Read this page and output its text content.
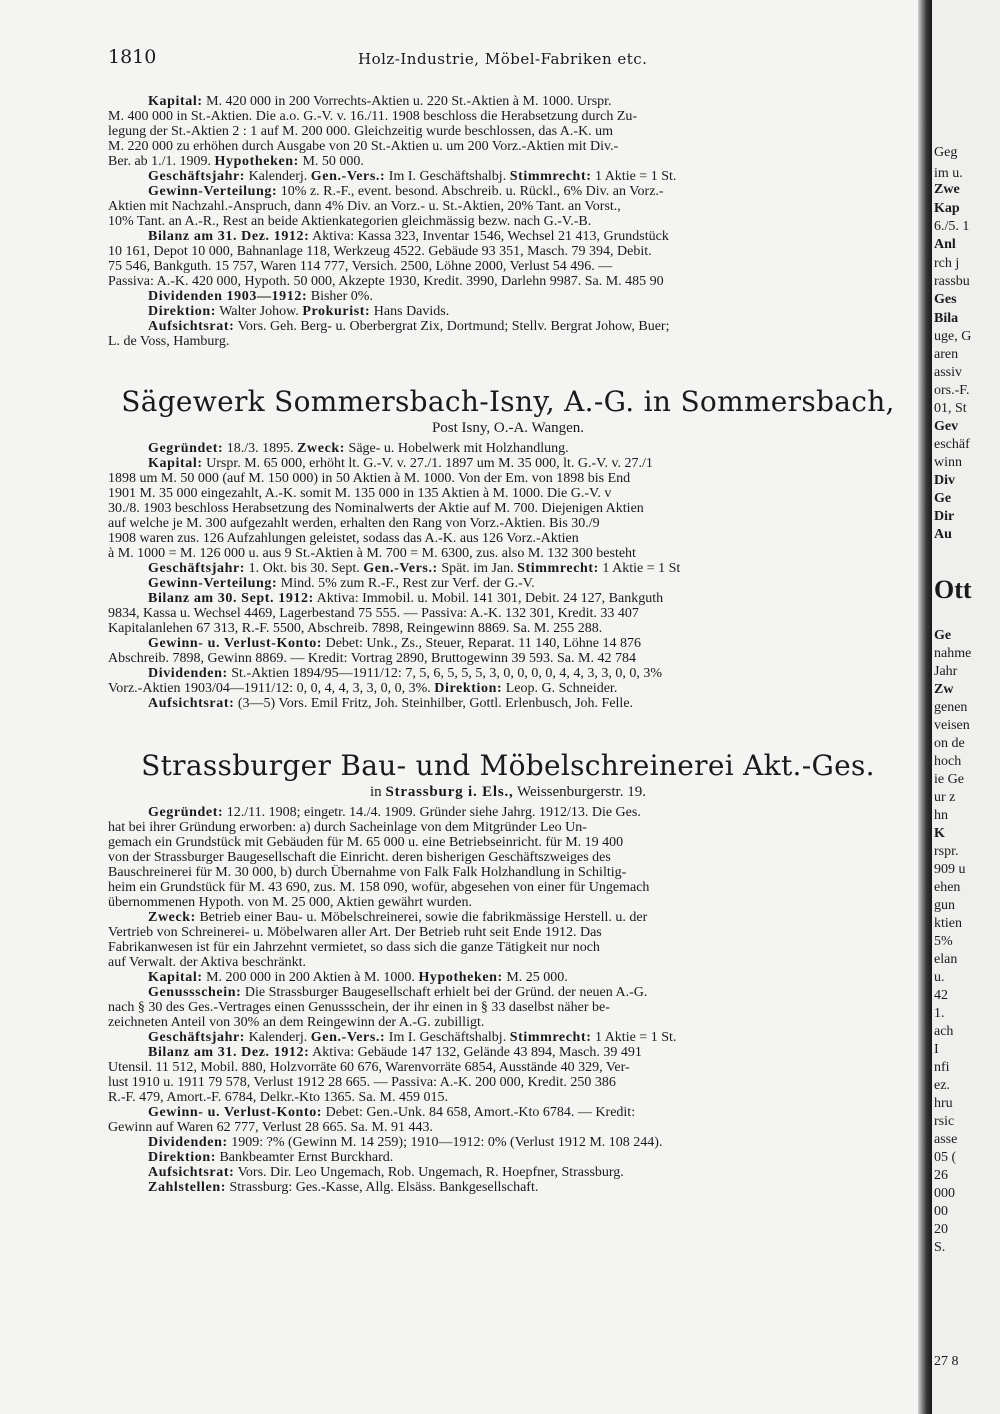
1810	Holz-Industrie, Möbel-Fabriken etc.
Kapital: M. 420 000 in 200 Vorrechts-Aktien u. 220 St.-Aktien à M. 1000. Urspr.
M. 400 000 in St.-Aktien. Die a.o. G.-V. v. 16./11. 1908 beschloss die Herabsetzung durch Zu-
legung der St.-Aktien 2 : 1 auf M. 200 000. Gleichzeitig wurde beschlossen, das A.-K. um
M. 220 000 zu erhöhen durch Ausgabe von 20 St.-Aktien u. um 200 Vorz.-Aktien mit Div.-
Ber. ab 1./1. 1909. Hypotheken: M. 50 000.
Geschäftsjahr: Kalenderj. Gen.-Vers.: Im I. Geschäftshalbj. Stimmrecht: 1 Aktie = 1 St.
Gewinn-Verteilung: 10% z. R.-F., event. besond. Abschreib. u. Rückl., 6% Div. an Vorz.-
Aktien mit Nachzahl.-Anspruch, dann 4% Div. an Vorz.- u. St.-Aktien, 20% Tant. an Vorst.,
10% Tant. an A.-R., Rest an beide Aktienkategorien gleichmässig bezw. nach G.-V.-B.
Bilanz am 31. Dez. 1912: Aktiva: Kassa 323, Inventar 1546, Wechsel 21 413, Grundstück
10 161, Depot 10 000, Bahnanlage 118, Werkzeug 4522. Gebäude 93 351, Masch. 79 394, Debit.
75 546, Bankguth. 15 757, Waren 114 777, Versich. 2500, Löhne 2000, Verlust 54 496. —
Passiva: A.-K. 420 000, Hypoth. 50 000, Akzepte 1930, Kredit. 3990, Darlehn 9987. Sa. M. 485 90
Dividenden 1903—1912: Bisher 0%.
Direktion: Walter Johow. Prokurist: Hans Davids.
Aufsichtsrat: Vors. Geh. Berg- u. Oberbergrat Zix, Dortmund; Stellv. Bergrat Johow, Buer;
L. de Voss, Hamburg.
Sägewerk Sommersbach-Isny, A.-G. in Sommersbach,
Post Isny, O.-A. Wangen.
Gegründet: 18./3. 1895. Zweck: Säge- u. Hobelwerk mit Holzhandlung.
Kapital: Urspr. M. 65 000, erhöht lt. G.-V. v. 27./1. 1897 um M. 35 000, lt. G.-V. v. 27./1
1898 um M. 50 000 (auf M. 150 000) in 50 Aktien à M. 1000. Von der Em. von 1898 bis End
1901 M. 35 000 eingezahlt, A.-K. somit M. 135 000 in 135 Aktien à M. 1000. Die G.-V. v
30./8. 1903 beschloss Herabsetzung des Nominalwerts der Aktie auf M. 700. Diejenigen Aktien
auf welche je M. 300 aufgezahlt werden, erhalten den Rang von Vorz.-Aktien. Bis 30./9
1908 waren zus. 126 Aufzahlungen geleistet, sodass das A.-K. aus 126 Vorz.-Aktien
à M. 1000 = M. 126 000 u. aus 9 St.-Aktien à M. 700 = M. 6300, zus. also M. 132 300 besteht
Geschäftsjahr: 1. Okt. bis 30. Sept. Gen.-Vers.: Spät. im Jan. Stimmrecht: 1 Aktie = 1 St
Gewinn-Verteilung: Mind. 5% zum R.-F., Rest zur Verf. der G.-V.
Bilanz am 30. Sept. 1912: Aktiva: Immobil. u. Mobil. 141 301, Debit. 24 127, Bankguth
9834, Kassa u. Wechsel 4469, Lagerbestand 75 555. — Passiva: A.-K. 132 301, Kredit. 33 407
Kapitalanlehen 67 313, R.-F. 5500, Abschreib. 7898, Reingewinn 8869. Sa. M. 255 288.
Gewinn- u. Verlust-Konto: Debet: Unk., Zs., Steuer, Reparat. 11 140, Löhne 14 876
Abschreib. 7898, Gewinn 8869. — Kredit: Vortrag 2890, Bruttogewinn 39 593. Sa. M. 42 784
Dividenden: St.-Aktien 1894/95—1911/12: 7, 5, 6, 5, 5, 5, 3, 0, 0, 0, 0, 4, 4, 3, 3, 0, 0, 3%
Vorz.-Aktien 1903/04—1911/12: 0, 0, 4, 4, 3, 3, 0, 0, 3%. Direktion: Leop. G. Schneider.
Aufsichtsrat: (3—5) Vors. Emil Fritz, Joh. Steinhilber, Gottl. Erlenbusch, Joh. Felle.
Strassburger Bau- und Möbelschreinerei Akt.-Ges.
in Strassburg i. Els., Weissenburgerstr. 19.
Gegründet: 12./11. 1908; eingetr. 14./4. 1909. Gründer siehe Jahrg. 1912/13. Die Ges.
hat bei ihrer Gründung erworben: a) durch Sacheinlage von dem Mitgründer Leo Un-
gemach ein Grundstück mit Gebäuden für M. 65 000 u. eine Betriebseinricht. für M. 19 400
von der Strassburger Baugesellschaft die Einricht. deren bisherigen Geschäftszweiges des
Bauschreinerei für M. 30 000, b) durch Übernahme von Falk Falk Holzhandlung in Schiltig-
heim ein Grundstück für M. 43 690, zus. M. 158 090, wofür, abgesehen von einer für Ungemach
übernommenen Hypoth. von M. 25 000, Aktien gewährt wurden.
Zweck: Betrieb einer Bau- u. Möbelschreinerei, sowie die fabrikmässige Herstell. u. der
Vertrieb von Schreinerei- u. Möbelwaren aller Art. Der Betrieb ruht seit Ende 1912. Das
Fabrikanwesen ist für ein Jahrzehnt vermietet, so dass sich die ganze Tätigkeit nur noch
auf Verwalt. der Aktiva beschränkt.
Kapital: M. 200 000 in 200 Aktien à M. 1000. Hypotheken: M. 25 000.
Genussschein: Die Strassburger Baugesellschaft erhielt bei der Gründ. der neuen A.-G.
nach § 30 des Ges.-Vertrages einen Genussschein, der ihr einen in § 33 daselbst näher be-
zeichneten Anteil von 30% an dem Reingewinn der A.-G. zubilligt.
Geschäftsjahr: Kalenderj. Gen.-Vers.: Im I. Geschäftshalbj. Stimmrecht: 1 Aktie = 1 St.
Bilanz am 31. Dez. 1912: Aktiva: Gebäude 147 132, Gelände 43 894, Masch. 39 491
Utensil. 11 512, Mobil. 880, Holzvorräte 60 676, Warenvorräte 6854, Ausstände 40 329, Ver-
lust 1910 u. 1911 79 578, Verlust 1912 28 665. — Passiva: A.-K. 200 000, Kredit. 250 386
R.-F. 479, Amort.-F. 6784, Delkr.-Kto 1365. Sa. M. 459 015.
Gewinn- u. Verlust-Konto: Debet: Gen.-Unk. 84 658, Amort.-Kto 6784. — Kredit:
Gewinn auf Waren 62 777, Verlust 28 665. Sa. M. 91 443.
Dividenden: 1909: ?% (Gewinn M. 14 259); 1910—1912: 0% (Verlust 1912 M. 108 244).
Direktion: Bankbeamter Ernst Burckhard.
Aufsichtsrat: Vors. Dir. Leo Ungemach, Rob. Ungemach, R. Hoepfner, Strassburg.
Zahlstellen: Strassburg: Ges.-Kasse, Allg. Elsäss. Bankgesellschaft.
Geg
im u.
Zwe
Kap
6./5. 1
Anl
rch j
rassbu
Ges
Bila
uge, G
aren
assiv
ors.-F.
01, St
Gev
eschäf
winn
Div
Ge
Dir
Au
Ott
Ge
nahme
Jahr
Zw
genen
veisen
on de
hoch
ie Ge
ur z
hn
K
rspr.
909 u
ehen
gun
ktien
5%
elan
u.
42
1.
ach
I
nfi
ez.
hru
rsic
asse
05 (
26
000
00
20
S.
27 8
